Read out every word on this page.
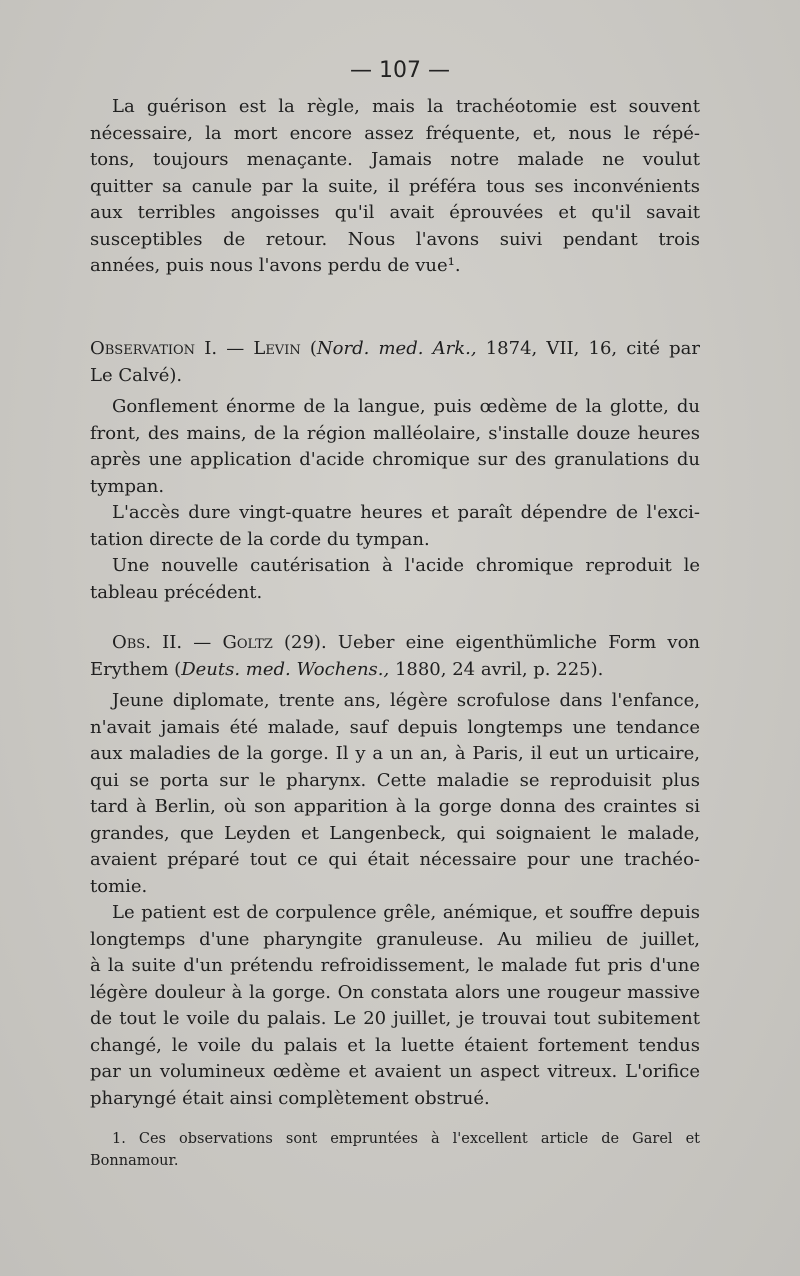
— 107 —
La guérison est la règle, mais la trachéotomie est souvent
nécessaire, la mort encore assez fréquente, et, nous le répé-
tons, toujours menaçante. Jamais notre malade ne voulut
quitter sa canule par la suite, il préféra tous ses inconvénients
aux terribles angoisses qu'il avait éprouvées et qu'il savait
susceptibles de retour. Nous l'avons suivi pendant trois
années, puis nous l'avons perdu de vue¹.
Observation I. — Levin (Nord. med. Ark., 1874, VII, 16, cité par
Le Calvé).
Gonflement énorme de la langue, puis œdème de la glotte, du
front, des mains, de la région malléolaire, s'installe douze heures
après une application d'acide chromique sur des granulations du
tympan.
L'accès dure vingt-quatre heures et paraît dépendre de l'exci-
tation directe de la corde du tympan.
Une nouvelle cautérisation à l'acide chromique reproduit le
tableau précédent.
Obs. II. — Goltz (29). Ueber eine eigenthümliche Form von
Erythem (Deuts. med. Wochens., 1880, 24 avril, p. 225).
Jeune diplomate, trente ans, légère scrofulose dans l'enfance,
n'avait jamais été malade, sauf depuis longtemps une tendance
aux maladies de la gorge. Il y a un an, à Paris, il eut un urticaire,
qui se porta sur le pharynx. Cette maladie se reproduisit plus
tard à Berlin, où son apparition à la gorge donna des craintes si
grandes, que Leyden et Langenbeck, qui soignaient le malade,
avaient préparé tout ce qui était nécessaire pour une trachéo-
tomie.
Le patient est de corpulence grêle, anémique, et souffre depuis
longtemps d'une pharyngite granuleuse. Au milieu de juillet,
à la suite d'un prétendu refroidissement, le malade fut pris d'une
légère douleur à la gorge. On constata alors une rougeur massive
de tout le voile du palais. Le 20 juillet, je trouvai tout subitement
changé, le voile du palais et la luette étaient fortement tendus
par un volumineux œdème et avaient un aspect vitreux. L'orifice
pharyngé était ainsi complètement obstrué.
1. Ces observations sont empruntées à l'excellent article de Garel et
Bonnamour.
